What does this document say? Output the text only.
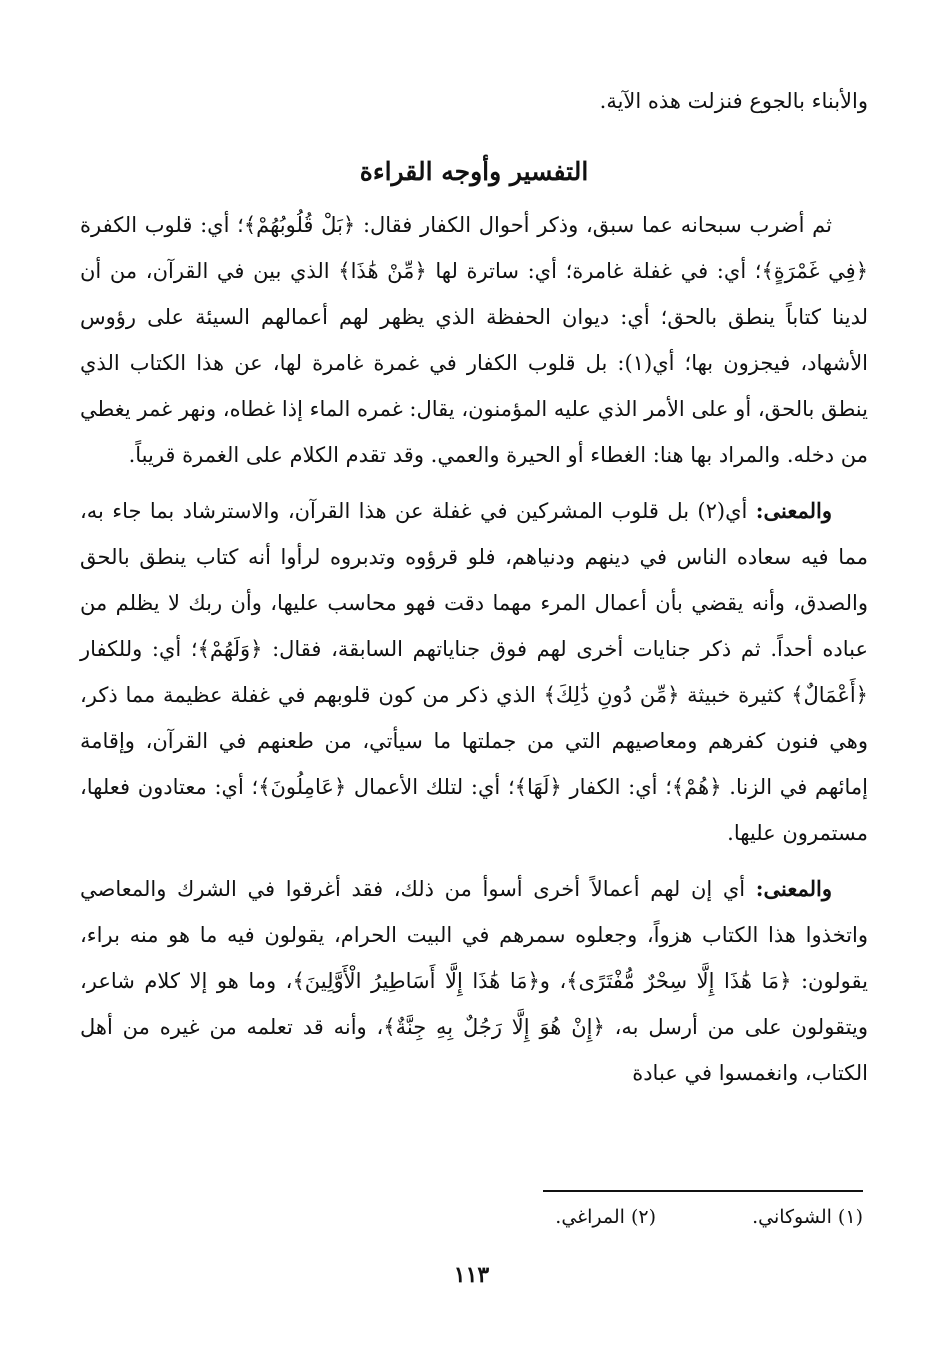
والأبناء بالجوع فنزلت هذه الآية.

التفسير وأوجه القراءة

ثم أضرب سبحانه عما سبق، وذكر أحوال الكفار فقال: ﴿بَلْ قُلُوبُهُمْ﴾؛ أي: قلوب الكفرة ﴿فِي غَمْرَةٍ﴾؛ أي: في غفلة غامرة؛ أي: ساترة لها ﴿مِّنْ هَٰذَا﴾ الذي بين في القرآن، من أن لدينا كتاباً ينطق بالحق؛ أي: ديوان الحفظة الذي يظهر لهم أعمالهم السيئة على رؤوس الأشهاد، فيجزون بها؛ أي(١): بل قلوب الكفار في غمرة غامرة لها، عن هذا الكتاب الذي ينطق بالحق، أو على الأمر الذي عليه المؤمنون، يقال: غمره الماء إذا غطاه، ونهر غمر يغطي من دخله. والمراد بها هنا: الغطاء أو الحيرة والعمي. وقد تقدم الكلام على الغمرة قريباً.

والمعنى: أي(٢) بل قلوب المشركين في غفلة عن هذا القرآن، والاسترشاد بما جاء به، مما فيه سعاده الناس في دينهم ودنياهم، فلو قرؤوه وتدبروه لرأوا أنه كتاب ينطق بالحق والصدق، وأنه يقضي بأن أعمال المرء مهما دقت فهو محاسب عليها، وأن ربك لا يظلم من عباده أحداً. ثم ذكر جنايات أخرى لهم فوق جناياتهم السابقة، فقال: ﴿وَلَهُمْ﴾؛ أي: وللكفار ﴿أَعْمَالٌ﴾ كثيرة خبيثة ﴿مِّن دُونِ ذَٰلِكَ﴾ الذي ذكر من كون قلوبهم في غفلة عظيمة مما ذكر، وهي فنون كفرهم ومعاصيهم التي من جملتها ما سيأتي، من طعنهم في القرآن، وإقامة إمائهم في الزنا. ﴿هُمْ﴾؛ أي: الكفار ﴿لَهَا﴾؛ أي: لتلك الأعمال ﴿عَامِلُونَ﴾؛ أي: معتادون فعلها، مستمرون عليها.

والمعنى: أي إن لهم أعمالاً أخرى أسوأ من ذلك، فقد أغرقوا في الشرك والمعاصي واتخذوا هذا الكتاب هزواً، وجعلوه سمرهم في البيت الحرام، يقولون فيه ما هو منه براء، يقولون: ﴿مَا هَٰذَا إِلَّا سِحْرٌ مُّفْتَرًى﴾، و﴿مَا هَٰذَا إِلَّا أَسَاطِيرُ الْأَوَّلِينَ﴾، وما هو إلا كلام شاعر، ويتقولون على من أرسل به، ﴿إِنْ هُوَ إِلَّا رَجُلٌ بِهِ جِنَّةٌ﴾، وأنه قد تعلمه من غيره من أهل الكتاب، وانغمسوا في عبادة

(١) الشوكاني. (٢) المراغي.
١١٣
